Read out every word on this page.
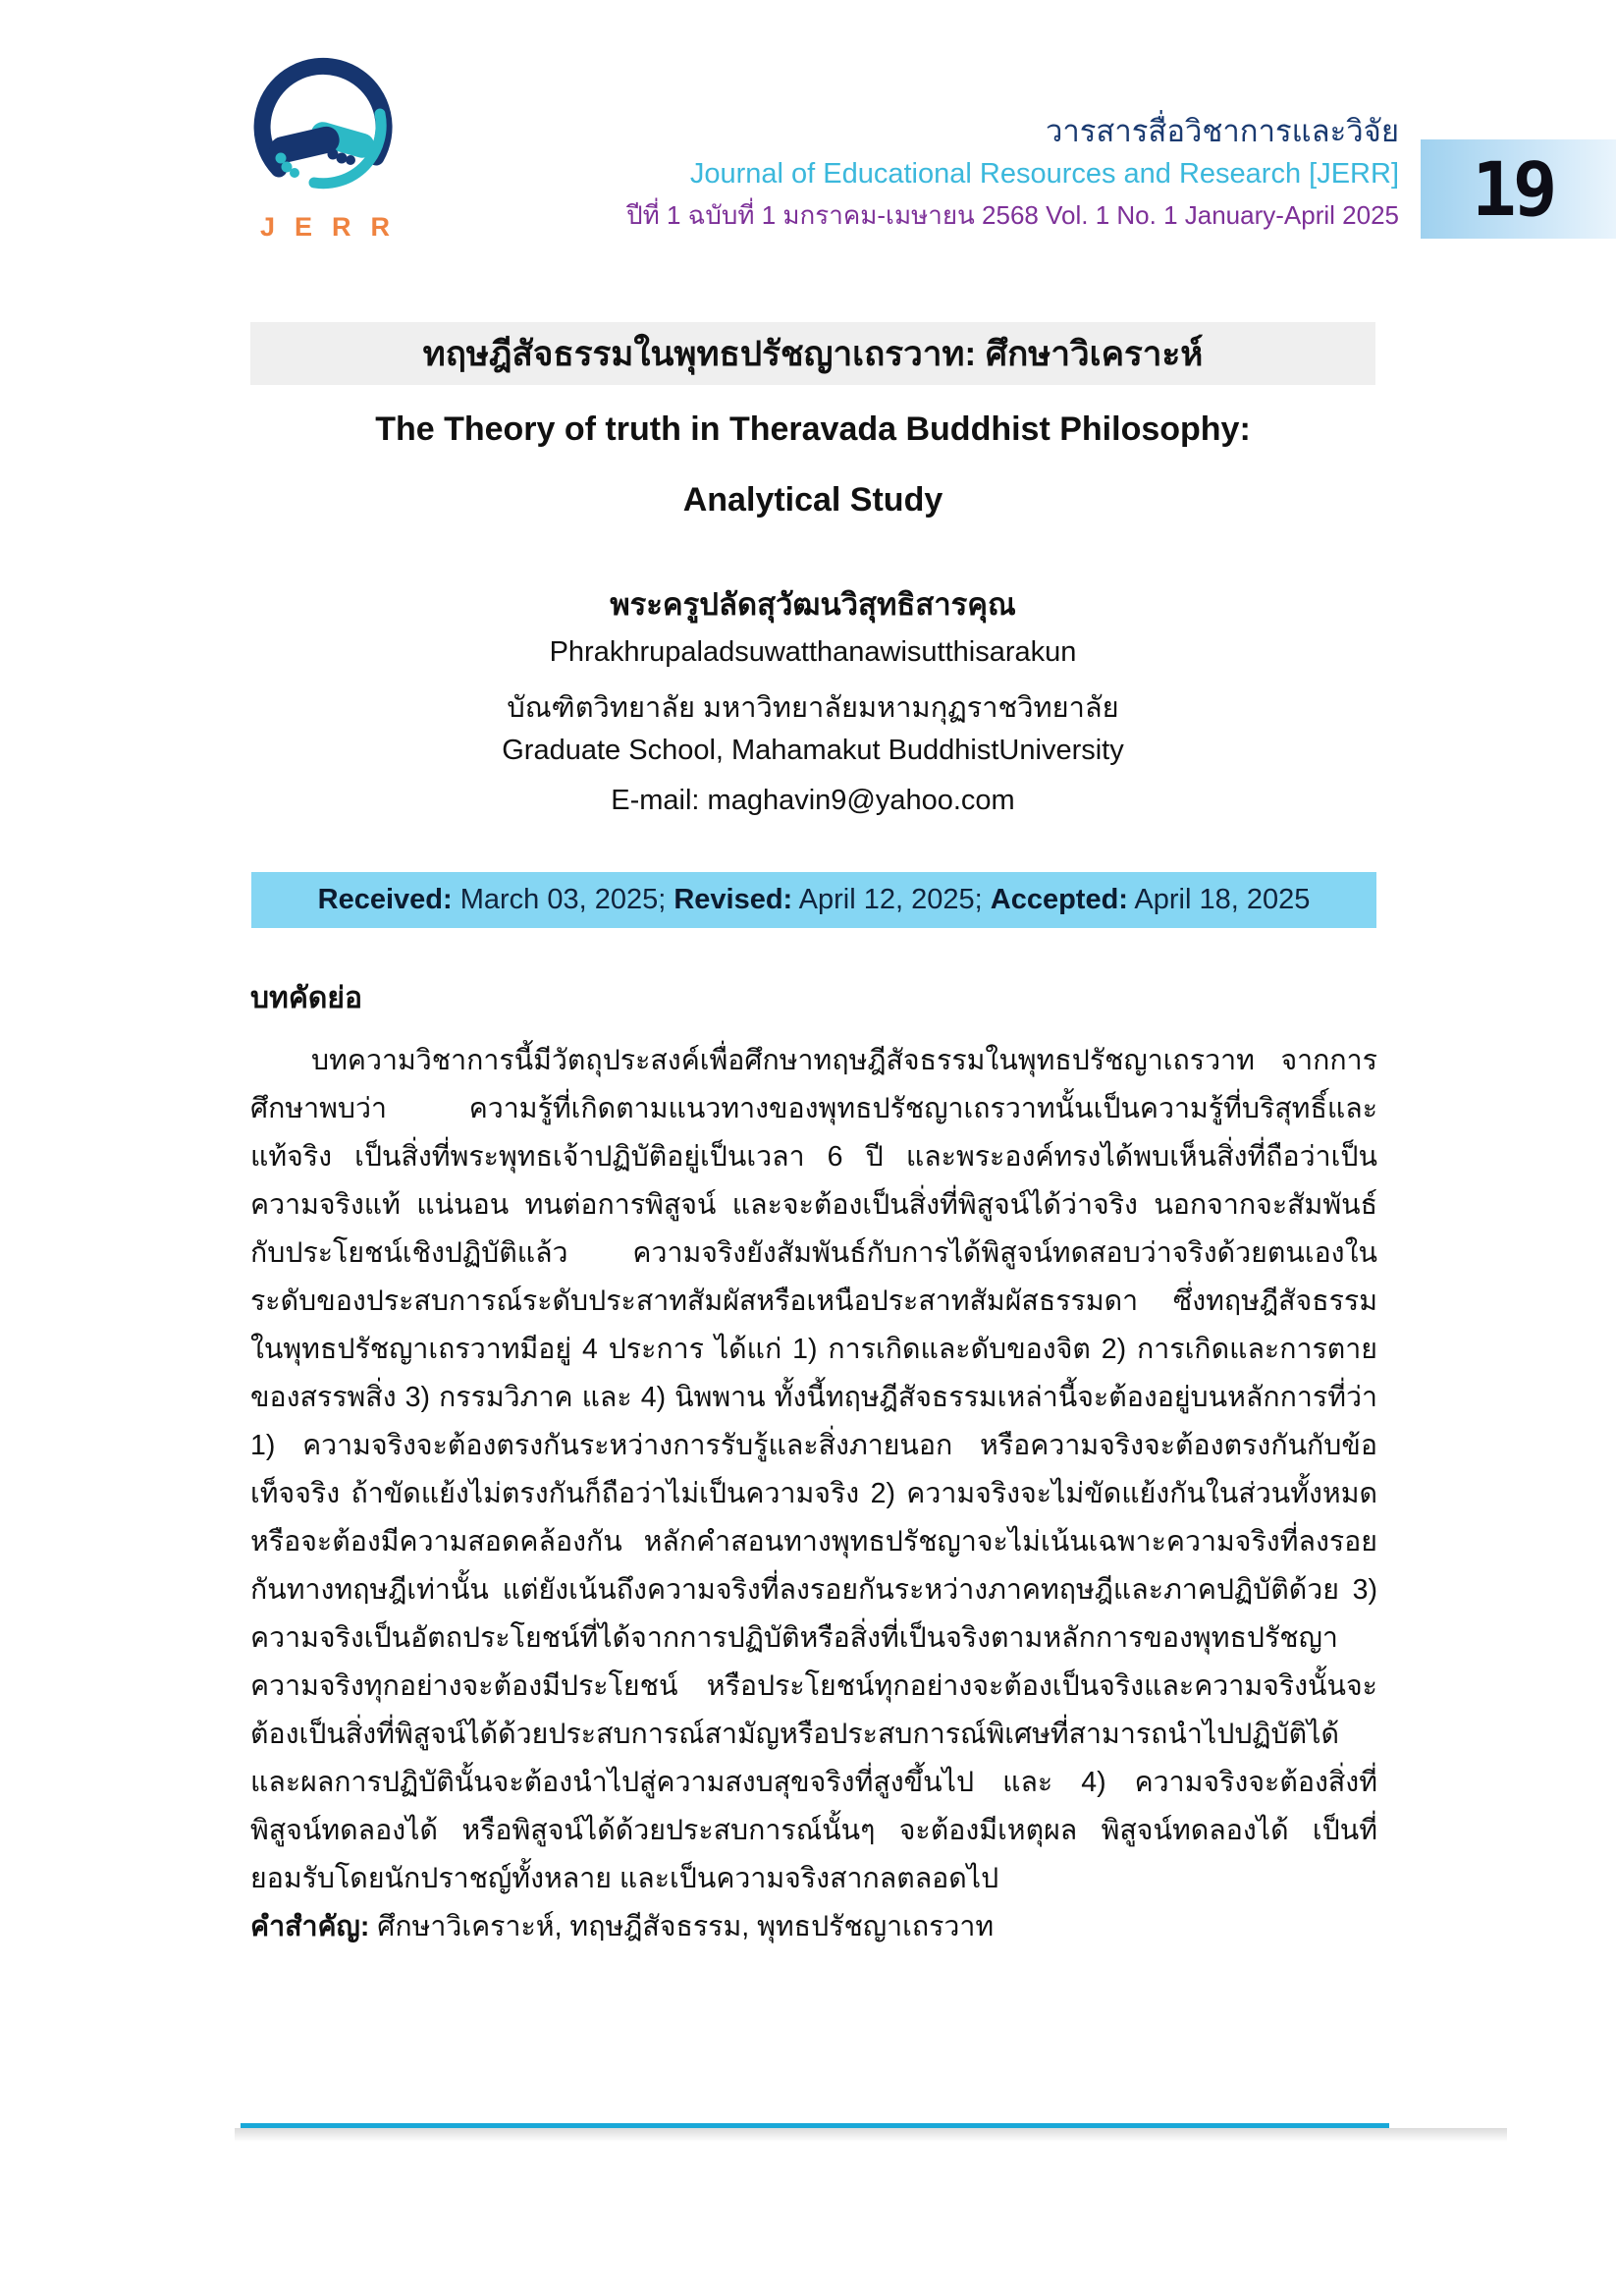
JERR

วารสารสื่อวิชาการและวิจัย

Journal of Educational Resources and Research [JERR]

ปีที่ 1 ฉบับที่ 1 มกราคม-เมษายน 2568 Vol. 1 No. 1 January-April 2025 19
ทฤษฎีสัจธรรมในพุทธปรัชญาเถรวาท: ศึกษาวิเคราะห์
The Theory of truth in Theravada Buddhist Philosophy:
Analytical Study
พระครูปลัดสุวัฒนวิสุทธิสารคุณ
Phrakhrupaladsuwatthanawisutthisarakun
บัณฑิตวิทยาลัย มหาวิทยาลัยมหามกุฏราชวิทยาลัย
Graduate School, Mahamakut BuddhistUniversity
E-mail: maghavin9@yahoo.com
Received: March 03, 2025; Revised: April 12, 2025; Accepted: April 18, 2025
บทคัดย่อ

บทความวิชาการนี้มีวัตถุประสงค์เพื่อศึกษาทฤษฎีสัจธรรมในพุทธปรัชญาเถรวาท จากการศึกษาพบว่า ความรู้ที่เกิดตามแนวทางของพุทธปรัชญาเถรวาทนั้นเป็นความรู้ที่บริสุทธิ์และแท้จริง เป็นสิ่งที่พระพุทธเจ้าปฏิบัติอยู่เป็นเวลา 6 ปี และพระองค์ทรงได้พบเห็นสิ่งที่ถือว่าเป็นความจริงแท้ แน่นอน ทนต่อการพิสูจน์ และจะต้องเป็นสิ่งที่พิสูจน์ได้ว่าจริง นอกจากจะสัมพันธ์กับประโยชน์เชิงปฏิบัติแล้ว ความจริงยังสัมพันธ์กับการได้พิสูจน์ทดสอบว่าจริงด้วยตนเองในระดับของประสบการณ์ระดับประสาทสัมผัสหรือเหนือประสาทสัมผัสธรรมดา ซึ่งทฤษฎีสัจธรรมในพุทธปรัชญาเถรวาทมีอยู่ 4 ประการ ได้แก่ 1) การเกิดและดับของจิต 2) การเกิดและการตายของสรรพสิ่ง 3) กรรมวิภาค และ 4) นิพพาน ทั้งนี้ทฤษฎีสัจธรรมเหล่านี้จะต้องอยู่บนหลักการที่ว่า 1) ความจริงจะต้องตรงกันระหว่างการรับรู้และสิ่งภายนอก หรือความจริงจะต้องตรงกันกับข้อเท็จจริง ถ้าขัดแย้งไม่ตรงกันก็ถือว่าไม่เป็นความจริง 2) ความจริงจะไม่ขัดแย้งกันในส่วนทั้งหมด หรือจะต้องมีความสอดคล้องกัน หลักคำสอนทางพุทธปรัชญาจะไม่เน้นเฉพาะความจริงที่ลงรอยกันทางทฤษฎีเท่านั้น แต่ยังเน้นถึงความจริงที่ลงรอยกันระหว่างภาคทฤษฎีและภาคปฏิบัติด้วย 3) ความจริงเป็นอัตถประโยชน์ที่ได้จากการปฏิบัติหรือสิ่งที่เป็นจริงตามหลักการของพุทธปรัชญาความจริงทุกอย่างจะต้องมีประโยชน์ หรือประโยชน์ทุกอย่างจะต้องเป็นจริงและความจริงนั้นจะต้องเป็นสิ่งที่พิสูจน์ได้ด้วยประสบการณ์สามัญหรือประสบการณ์พิเศษที่สามารถนำไปปฏิบัติได้และผลการปฏิบัตินั้นจะต้องนำไปสู่ความสงบสุขจริงที่สูงขึ้นไป และ 4) ความจริงจะต้องสิ่งที่พิสูจน์ทดลองได้ หรือพิสูจน์ได้ด้วยประสบการณ์นั้นๆ จะต้องมีเหตุผล พิสูจน์ทดลองได้ เป็นที่ยอมรับโดยนักปราชญ์ทั้งหลาย และเป็นความจริงสากลตลอดไป

คำสำคัญ: ศึกษาวิเคราะห์, ทฤษฎีสัจธรรม, พุทธปรัชญาเถรวาท
